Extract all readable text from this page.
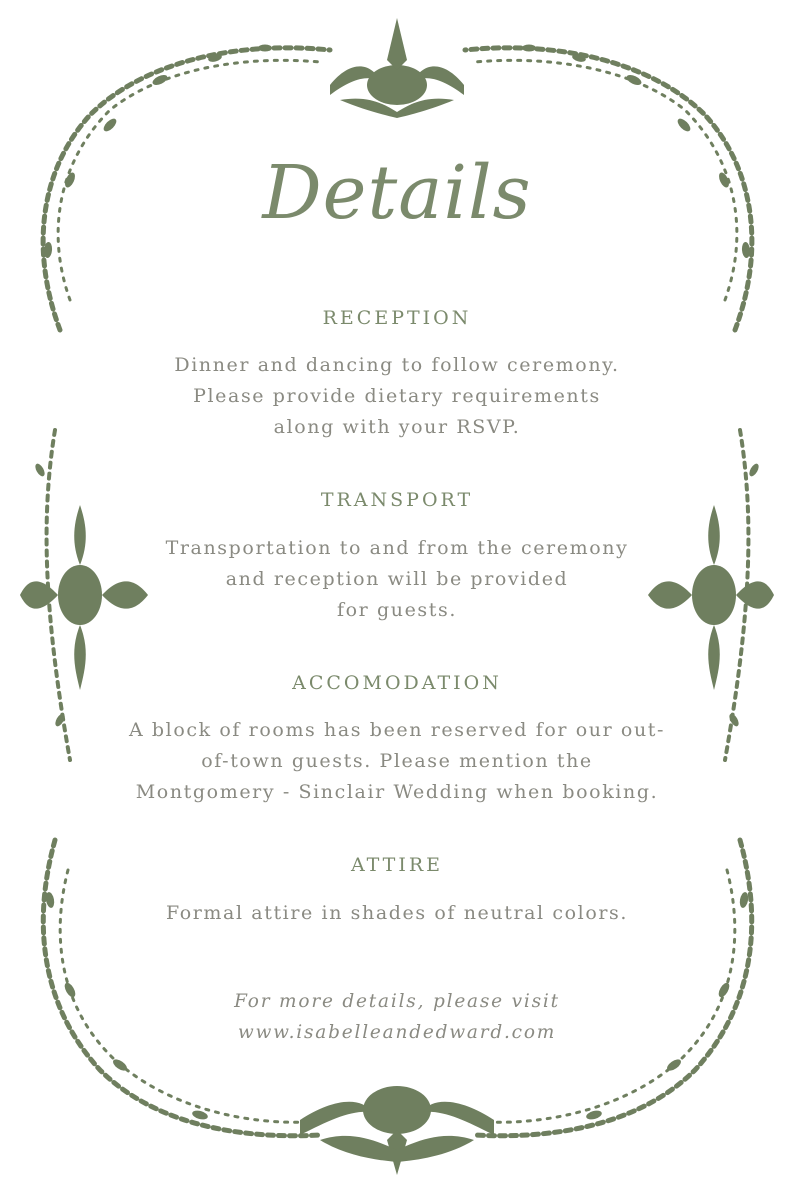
Details
RECEPTION
Dinner and dancing to follow ceremony.
Please provide dietary requirements
along with your RSVP.
TRANSPORT
Transportation to and from the ceremony
and reception will be provided
for guests.
ACCOMODATION
A block of rooms has been reserved for our out-
of-town guests. Please mention the
Montgomery - Sinclair Wedding when booking.
ATTIRE
Formal attire in shades of neutral colors.
For more details, please visit
www.isabelleandedward.com
